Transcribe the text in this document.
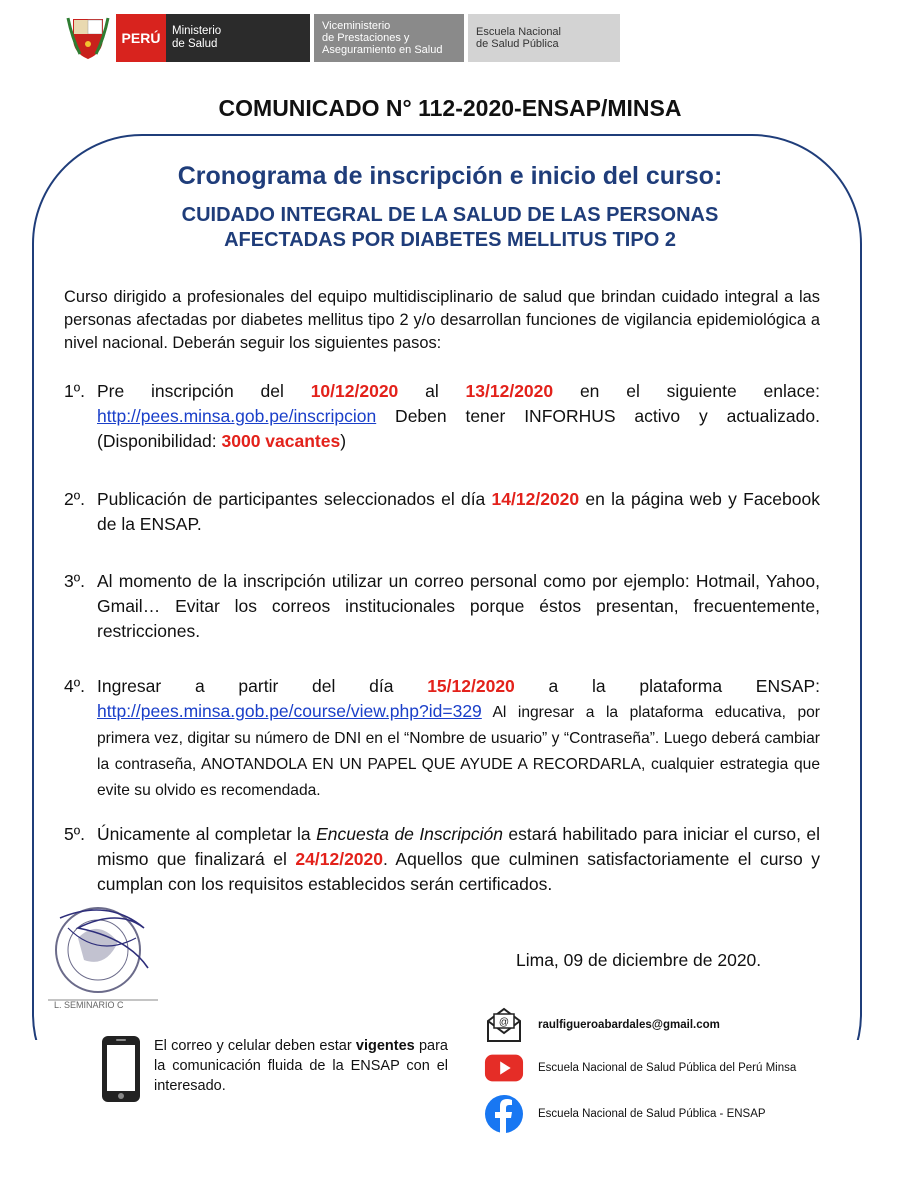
PERÚ	Ministerio
de Salud
Viceministerio
de Prestaciones y
Aseguramiento en Salud
Escuela Nacional
de Salud Pública
COMUNICADO N° 112-2020-ENSAP/MINSA
Cronograma de inscripción e inicio del curso:
CUIDADO INTEGRAL DE LA SALUD DE LAS PERSONAS
AFECTADAS POR DIABETES MELLITUS TIPO 2
Curso dirigido a profesionales del equipo multidisciplinario de salud que brindan cuidado integral a las personas afectadas por diabetes mellitus tipo 2 y/o desarrollan funciones de vigilancia epidemiológica a nivel nacional. Deberán seguir los siguientes pasos:
1º. Pre inscripción del 10/12/2020 al 13/12/2020 en el siguiente enlace: http://pees.minsa.gob.pe/inscripcion Deben tener INFORHUS activo y actualizado. (Disponibilidad: 3000 vacantes)
2º. Publicación de participantes seleccionados el día 14/12/2020 en la página web y Facebook de la ENSAP.
3º. Al momento de la inscripción utilizar un correo personal como por ejemplo: Hotmail, Yahoo, Gmail… Evitar los correos institucionales porque éstos presentan, frecuentemente, restricciones.
4º. Ingresar a partir del día 15/12/2020 a la plataforma ENSAP: http://pees.minsa.gob.pe/course/view.php?id=329 Al ingresar a la plataforma educativa, por primera vez, digitar su número de DNI en el “Nombre de usuario” y “Contraseña”. Luego deberá cambiar la contraseña, ANOTANDOLA EN UN PAPEL QUE AYUDE A RECORDARLA, cualquier estrategia que evite su olvido es recomendada.
5º. Únicamente al completar la Encuesta de Inscripción estará habilitado para iniciar el curso, el mismo que finalizará el 24/12/2020. Aquellos que culminen satisfactoriamente el curso y cumplan con los requisitos establecidos serán certificados.
L. SEMINARIO C
Lima, 09 de diciembre de 2020.
El correo y celular deben estar vigentes para la comunicación fluida de la ENSAP con el interesado.
@	raulfigueroabardales@gmail.com
Escuela Nacional de Salud Pública del Perú Minsa
Escuela Nacional de Salud Pública - ENSAP
